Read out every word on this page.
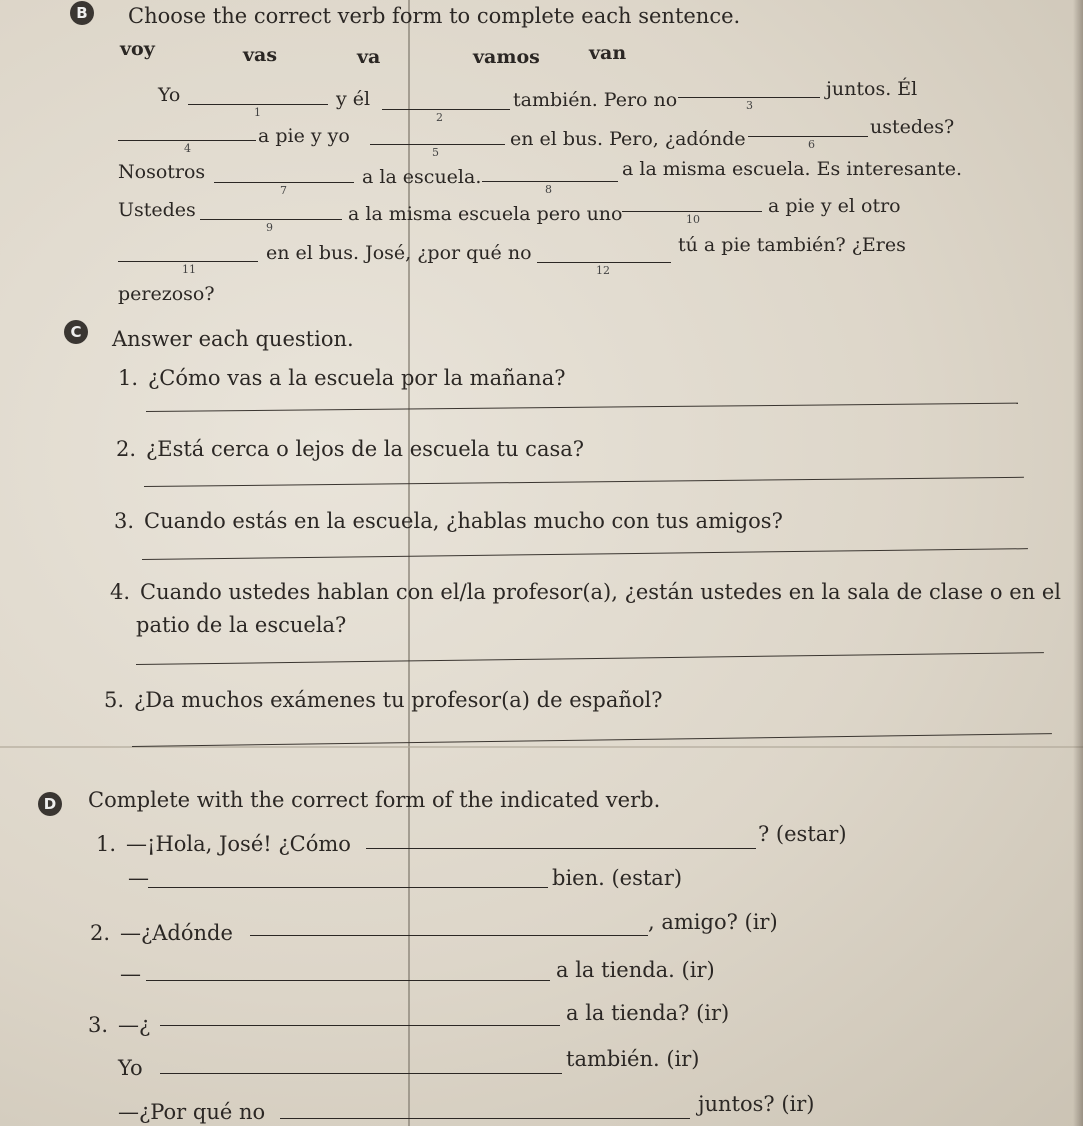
B Choose the correct verb form to complete each sentence.
voy	vas	va	vamos	van
Yo
1
y él
2
también. Pero no	3
juntos. Él
4
a pie y yo
5
en el bus. Pero, ¿adónde	6
ustedes?
Nosotros
7
a la escuela.
8
a la misma escuela. Es interesante.
Ustedes
9
a la misma escuela pero uno	10
a pie y el otro
11
en el bus. José, ¿por qué no
12
tú a pie también? ¿Eres
perezoso?
C	Answer each question.
1. ¿Cómo vas a la escuela por la mañana?
2. ¿Está cerca o lejos de la escuela tu casa?
3. Cuando estás en la escuela, ¿hablas mucho con tus amigos?
4. Cuando ustedes hablan con el/la profesor(a), ¿están ustedes en la sala de clase o en el
patio de la escuela?
5. ¿Da muchos exámenes tu profesor(a) de español?
D Complete with the correct form of the indicated verb.
1. —¡Hola, José! ¿Cómo	? (estar)
—	bien. (estar)
2. —¿Adónde	, amigo? (ir)
—	a la tienda. (ir)
3. —¿	a la tienda? (ir)
Yo	también. (ir)
—¿Por qué no	juntos? (ir)
